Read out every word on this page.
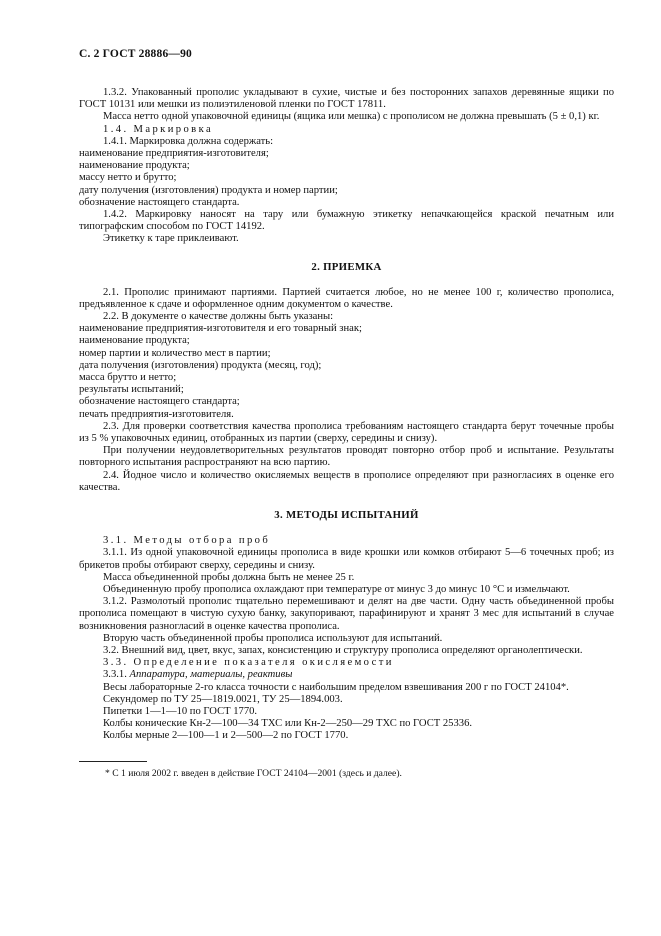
С. 2 ГОСТ 28886—90

1.3.2. Упакованный прополис укладывают в сухие, чистые и без посторонних запахов деревянные ящики по ГОСТ 10131 или мешки из полиэтиленовой пленки по ГОСТ 17811.

Масса нетто одной упаковочной единицы (ящика или мешка) с прополисом не должна превышать (5 ± 0,1) кг.

1.4. Маркировка

1.4.1. Маркировка должна содержать:

наименование предприятия-изготовителя;

наименование продукта;

массу нетто и брутто;

дату получения (изготовления) продукта и номер партии;

обозначение настоящего стандарта.

1.4.2. Маркировку наносят на тару или бумажную этикетку непачкающейся краской печатным или типографским способом по ГОСТ 14192.

Этикетку к таре приклеивают.

2. ПРИЕМКА

2.1. Прополис принимают партиями. Партией считается любое, но не менее 100 г, количество прополиса, предъявленное к сдаче и оформленное одним документом о качестве.

2.2. В документе о качестве должны быть указаны:

наименование предприятия-изготовителя и его товарный знак;

наименование продукта;

номер партии и количество мест в партии;

дата получения (изготовления) продукта (месяц, год);

масса брутто и нетто;

результаты испытаний;

обозначение настоящего стандарта;

печать предприятия-изготовителя.

2.3. Для проверки соответствия качества прополиса требованиям настоящего стандарта берут точечные пробы из 5 % упаковочных единиц, отобранных из партии (сверху, середины и снизу).

При получении неудовлетворительных результатов проводят повторно отбор проб и испытание. Результаты повторного испытания распространяют на всю партию.

2.4. Йодное число и количество окисляемых веществ в прополисе определяют при разногласиях в оценке его качества.

3. МЕТОДЫ ИСПЫТАНИЙ

3.1. Методы отбора проб

3.1.1. Из одной упаковочной единицы прополиса в виде крошки или комков отбирают 5—6 точечных проб; из брикетов пробы отбирают сверху, середины и снизу.

Масса объединенной пробы должна быть не менее 25 г.

Объединенную пробу прополиса охлаждают при температуре от минус 3 до минус 10 °С и измельчают.

3.1.2. Размолотый прополис тщательно перемешивают и делят на две части. Одну часть объединенной пробы прополиса помещают в чистую сухую банку, закупоривают, парафинируют и хранят 3 мес для испытаний в случае возникновения разногласий в оценке качества прополиса.

Вторую часть объединенной пробы прополиса используют для испытаний.

3.2. Внешний вид, цвет, вкус, запах, консистенцию и структуру прополиса определяют органолептически.

3.3. Определение показателя окисляемости

3.3.1. Аппаратура, материалы, реактивы

Весы лабораторные 2-го класса точности с наибольшим пределом взвешивания 200 г по ГОСТ 24104*.

Секундомер по ТУ 25—1819.0021, ТУ 25—1894.003.

Пипетки 1—1—10 по ГОСТ 1770.

Колбы конические Кн-2—100—34 ТХС или Кн-2—250—29 ТХС по ГОСТ 25336.

Колбы мерные 2—100—1 и 2—500—2 по ГОСТ 1770.

* С 1 июля 2002 г. введен в действие ГОСТ 24104—2001 (здесь и далее).
